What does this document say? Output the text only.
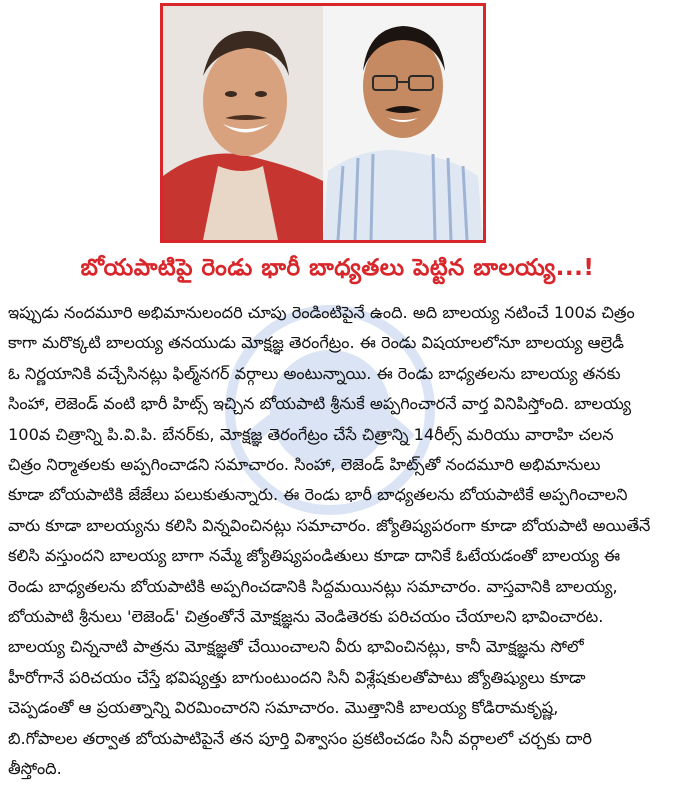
బోయపాటిపై రెండు భారీ బాధ్యతలు పెట్టిన బాలయ్య...!
ఇప్పుడు నందమూరి అభిమానులందరి చూపు రెండింటిపైనే ఉంది. అది బాలయ్య నటించే 100వ చిత్రం
కాగా మరొక్కటి బాలయ్య తనయుడు మోక్షజ్ఞ తెరంగేట్రం. ఈ రెండు విషయాలలోనూ బాలయ్య ఆల్రెడీ
ఓ నిర్ణయానికి వచ్చేసినట్లు ఫిల్మ్‌నగర్ వర్గాలు అంటున్నాయి. ఈ రెండు బాధ్యతలను బాలయ్య తనకు
సింహా, లెజెండ్ వంటి భారీ హిట్స్ ఇచ్చిన బోయపాటి శ్రీనుకే అప్పగించారనే వార్త వినిపిస్తోంది. బాలయ్య
100వ చిత్రాన్ని పి.వి.పి. బేనర్‌కు, మోక్షజ్ఞ తెరంగేట్రం చేసే చిత్రాన్ని 14రీల్స్ మరియు వారాహి చలన
చిత్రం నిర్మాతలకు అప్పగించాడని సమాచారం. సింహా, లెజెండ్ హిట్స్‌తో నందమూరి అభిమానులు
కూడా బోయపాటికి జేజేలు పలుకుతున్నారు. ఈ రెండు భారీ బాధ్యతలను బోయపాటికే అప్పగించాలని
వారు కూడా బాలయ్యను కలిసి విన్నవించినట్లు సమాచారం. జ్యోతిష్యపరంగా కూడా బోయపాటి అయితేనే
కలిసి వస్తుందని బాలయ్య బాగా నమ్మే జ్యోతిష్యపండితులు కూడా దానికే ఓటేయడంతో బాలయ్య ఈ
రెండు బాధ్యతలను బోయపాటికి అప్పగించడానికి సిద్దమయినట్లు సమాచారం. వాస్తవానికి బాలయ్య,
బోయపాటి శ్రీనులు 'లెజెండ్' చిత్రంతోనే మోక్షజ్ఞను వెండితెరకు పరిచయం చేయాలని భావించారట.
బాలయ్య చిన్ననాటి పాత్రను మోక్షజ్ఞతో చేయించాలని వీరు భావించినట్లు, కానీ మోక్షజ్ఞను సోలో
హీరోగానే పరిచయం చేస్తే భవిష్యత్తు బాగుంటుందని సినీ విశ్లేషకులతోపాటు జ్యోతిష్యులు కూడా
చెప్పడంతో ఆ ప్రయత్నాన్ని విరమించారని సమాచారం. మొత్తానికి బాలయ్య కోడిరామకృష్ణ,
బి.గోపాలల తర్వాత బోయపాటిపైనే తన పూర్తి విశ్వాసం ప్రకటించడం సినీ వర్గాలలో చర్చకు దారి
తీస్తోంది.
